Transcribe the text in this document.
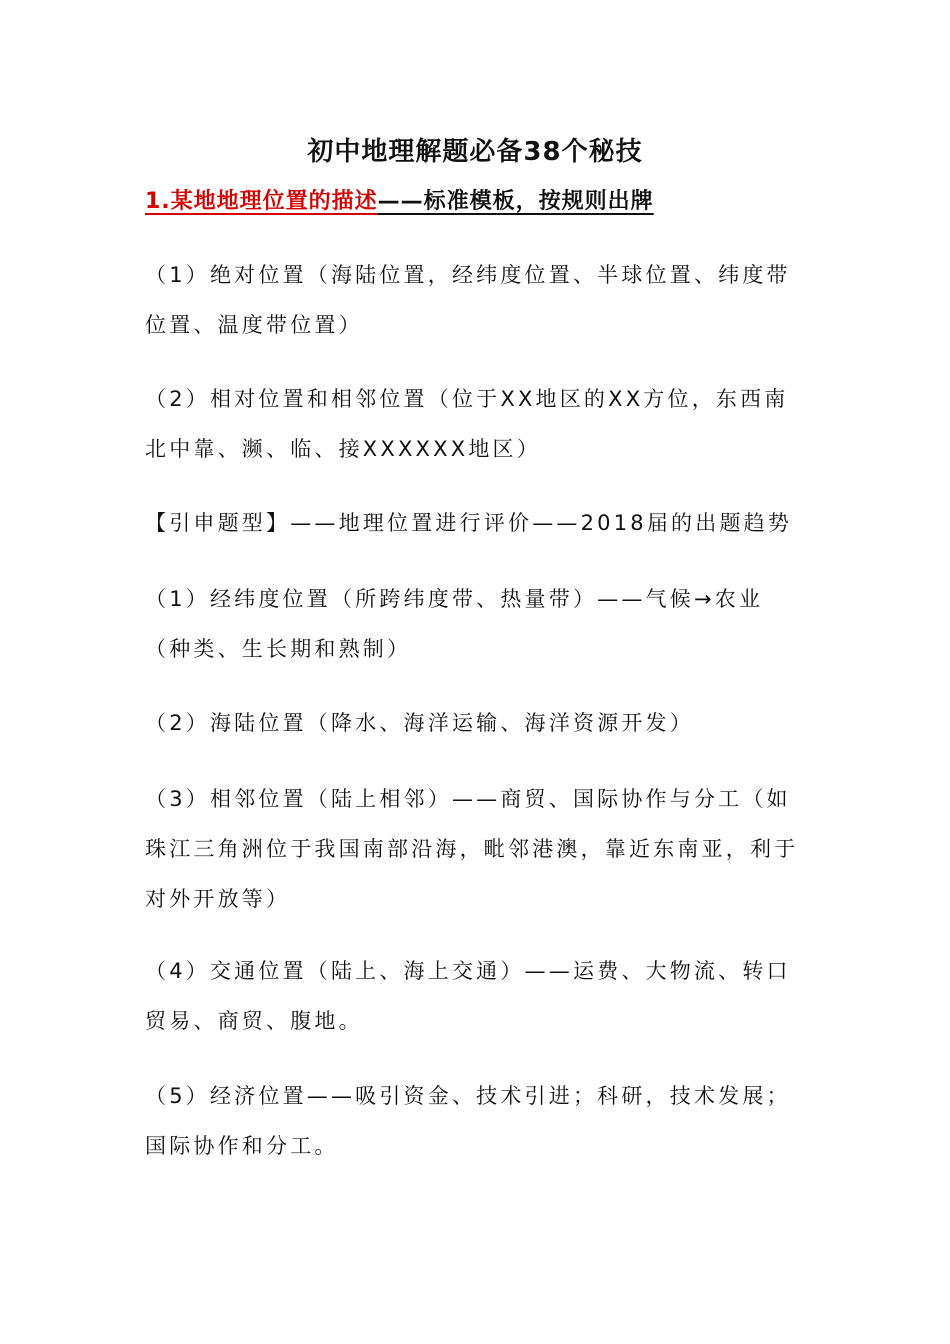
初中地理解题必备38个秘技
1.某地地理位置的描述——标准模板，按规则出牌

（1）绝对位置（海陆位置，经纬度位置、半球位置、纬度带位置、温度带位置）

（2）相对位置和相邻位置（位于XX地区的XX方位，东西南北中靠、濒、临、接XXXXXX地区）

【引申题型】——地理位置进行评价——2018届的出题趋势

（1）经纬度位置（所跨纬度带、热量带）——气候→农业（种类、生长期和熟制）

（2）海陆位置（降水、海洋运输、海洋资源开发）

（3）相邻位置（陆上相邻）——商贸、国际协作与分工（如珠江三角洲位于我国南部沿海，毗邻港澳，靠近东南亚，利于对外开放等）

（4）交通位置（陆上、海上交通）——运费、大物流、转口贸易、商贸、腹地。

（5）经济位置——吸引资金、技术引进；科研，技术发展；国际协作和分工。
